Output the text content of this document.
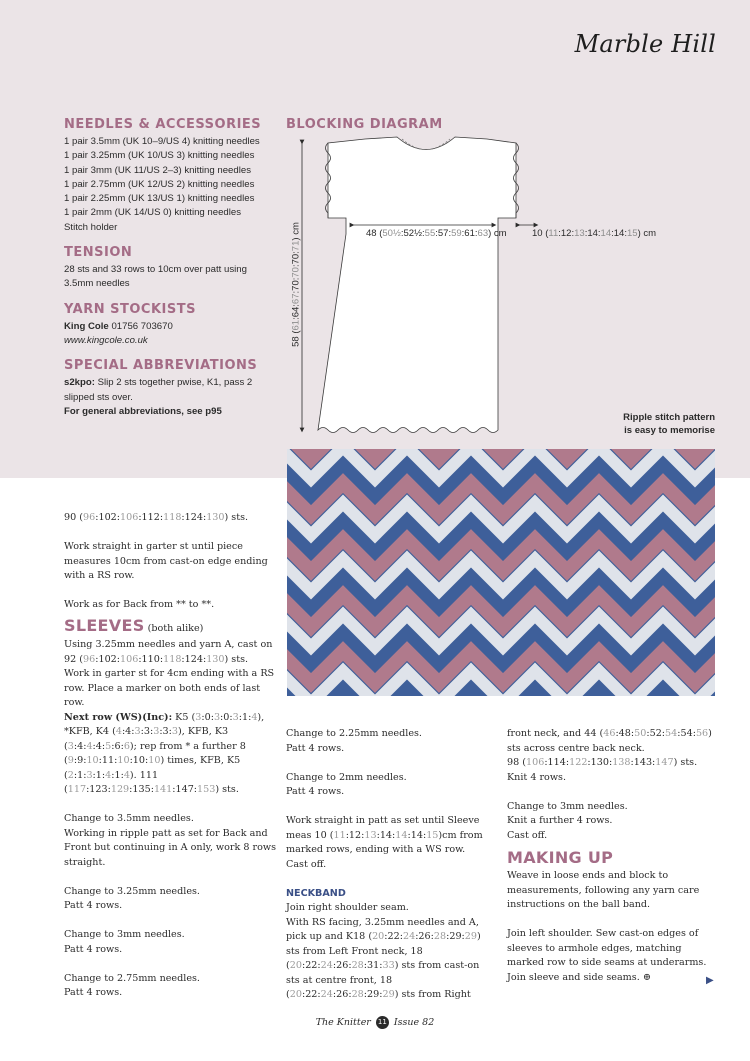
Marble Hill
NEEDLES & ACCESSORIES
1 pair 3.5mm (UK 10–9/US 4) knitting needles
1 pair 3.25mm (UK 10/US 3) knitting needles
1 pair 3mm (UK 11/US 2–3) knitting needles
1 pair 2.75mm (UK 12/US 2) knitting needles
1 pair 2.25mm (UK 13/US 1) knitting needles
1 pair 2mm (UK 14/US 0) knitting needles
Stitch holder
TENSION
28 sts and 33 rows to 10cm over patt using
3.5mm needles
YARN STOCKISTS
King Cole 01756 703670
www.kingcole.co.uk
SPECIAL ABBREVIATIONS
s2kpo: Slip 2 sts together pwise, K1, pass 2
slipped sts over.
For general abbreviations, see p95
BLOCKING DIAGRAM
48 (50½:52½:55:57:59:61:63) cm	10 (11:12:13:14:14:14:15) cm
58 (61:64:67:70:70:70:71) cm
Ripple stitch pattern
is easy to memorise

90 (96:102:106:112:118:124:130) sts.

Work straight in garter st until piece measures 10cm from cast-on edge ending with a RS row.

Work as for Back from ** to **.

SLEEVES (both alike)
Using 3.25mm needles and yarn A, cast on 92 (96:102:106:110:118:124:130) sts.
Work in garter st for 4cm ending with a RS row. Place a marker on both ends of last row.

Next row (WS)(Inc): K5 (3:0:3:0:3:1:4), *KFB, K4 (4:4:3:3:3:3:3), KFB, K3 (3:4:4:4:5:6:6); rep from * a further 8 (9:9:10:11:10:10:10) times, KFB, K5 (2:1:3:1:4:1:4). 111 (117:123:129:135:141:147:153) sts.

Change to 3.5mm needles.

Working in ripple patt as set for Back and Front but continuing in A only, work 8 rows straight.

Change to 3.25mm needles.

Patt 4 rows.

Change to 3mm needles.

Patt 4 rows.

Change to 2.75mm needles.
Patt 4 rows.
Change to 2.25mm needles.

Patt 4 rows.

Change to 2mm needles.

Patt 4 rows.

Work straight in patt as set until Sleeve meas 10 (11:12:13:14:14:14:15)cm from
marked rows, ending with a WS row.

Cast off.

NECKBAND
Join right shoulder seam.
With RS facing, 3.25mm needles and A, pick up and K18 (20:22:24:26:28:29:29) sts from Left Front neck, 18 (20:22:24:26:28:31:33) sts from cast-on sts at centre front, 18 (20:22:24:26:28:29:29) sts from Right
front neck, and 44 (46:48:50:52:54:54:56)
sts across centre back neck.
98 (106:114:122:130:138:143:147) sts.

Knit 4 rows.

Change to 3mm needles.
Knit a further 4 rows.

Cast off.

MAKING UP

Weave in loose ends and block to measurements, following any yarn care instructions on the ball band.

Join left shoulder. Sew cast-on edges of sleeves to armhole edges, matching marked row to side seams at underarms. Join sleeve and side seams. ⊕	▶
The Knitter 11 Issue 82
